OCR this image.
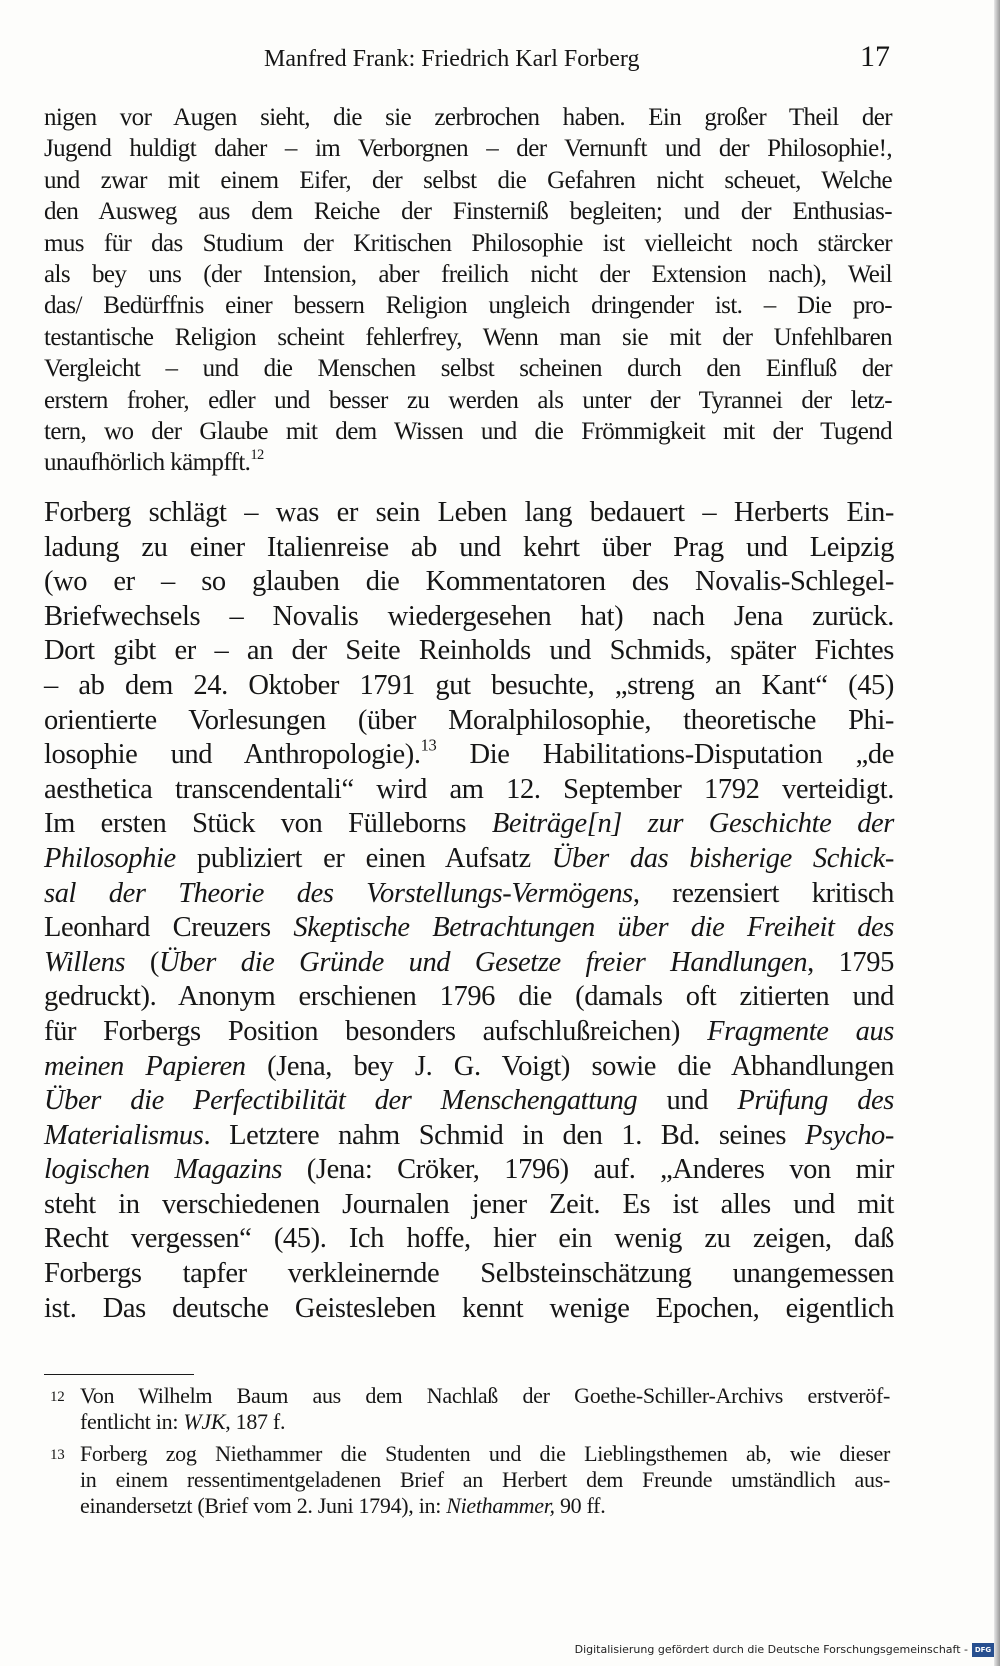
Manfred Frank: Friedrich Karl Forberg	17

nigen vor Augen sieht, die sie zerbrochen haben. Ein großer Theil der
Jugend huldigt daher – im Verborgnen – der Vernunft und der Philosophie!,
und zwar mit einem Eifer, der selbst die Gefahren nicht scheuet, Welche
den Ausweg aus dem Reiche der Finsterniß begleiten; und der Enthusias-
mus für das Studium der Kritischen Philosophie ist vielleicht noch stärcker
als bey uns (der Intension, aber freilich nicht der Extension nach), Weil
das/ Bedürffnis einer bessern Religion ungleich dringender ist. – Die pro-
testantische Religion scheint fehlerfrey, Wenn man sie mit der Unfehlbaren
Vergleicht – und die Menschen selbst scheinen durch den Einfluß der
erstern froher, edler und besser zu werden als unter der Tyrannei der letz-
tern, wo der Glaube mit dem Wissen und die Frömmigkeit mit der Tugend
unaufhörlich kämpfft.$^{12}$

Forberg schlägt – was er sein Leben lang bedauert – Herberts Ein-
ladung zu einer Italienreise ab und kehrt über Prag und Leipzig
(wo er – so glauben die Kommentatoren des Novalis-Schlegel-
Briefwechsels – Novalis wiedergesehen hat) nach Jena zurück.
Dort gibt er – an der Seite Reinholds und Schmids, später Fichtes
– ab dem 24. Oktober 1791 gut besuchte, „streng an Kant“ (45)
orientierte Vorlesungen (über Moralphilosophie, theoretische Phi-
losophie und Anthropologie).$^{13}$ Die Habilitations-Disputation „de
aesthetica transcendentali“ wird am 12. September 1792 verteidigt.
Im ersten Stück von Fülleborns Beiträge[n] zur Geschichte der
Philosophie publiziert er einen Aufsatz Über das bisherige Schick-
sal der Theorie des Vorstellungs-Vermögens, rezensiert kritisch
Leonhard Creuzers Skeptische Betrachtungen über die Freiheit des
Willens (Über die Gründe und Gesetze freier Handlungen, 1795
gedruckt). Anonym erschienen 1796 die (damals oft zitierten und
für Forbergs Position besonders aufschlußreichen) Fragmente aus
meinen Papieren (Jena, bey J. G. Voigt) sowie die Abhandlungen
Über die Perfectibilität der Menschengattung und Prüfung des
Materialismus. Letztere nahm Schmid in den 1. Bd. seines Psycho-
logischen Magazins (Jena: Cröker, 1796) auf. „Anderes von mir
steht in verschiedenen Journalen jener Zeit. Es ist alles und mit
Recht vergessen“ (45). Ich hoffe, hier ein wenig zu zeigen, daß
Forbergs tapfer verkleinernde Selbsteinschätzung unangemessen
ist. Das deutsche Geistesleben kennt wenige Epochen, eigentlich

12 Von Wilhelm Baum aus dem Nachlaß der Goethe-Schiller-Archivs erstveröf-
fentlicht in: WJK, 187 f.
13 Forberg zog Niethammer die Studenten und die Lieblingsthemen ab, wie dieser
in einem ressentimentgeladenen Brief an Herbert dem Freunde umständlich aus-
einandersetzt (Brief vom 2. Juni 1794), in: Niethammer, 90 ff.
Digitalisierung gefördert durch die Deutsche Forschungsgemeinschaft - DFG
